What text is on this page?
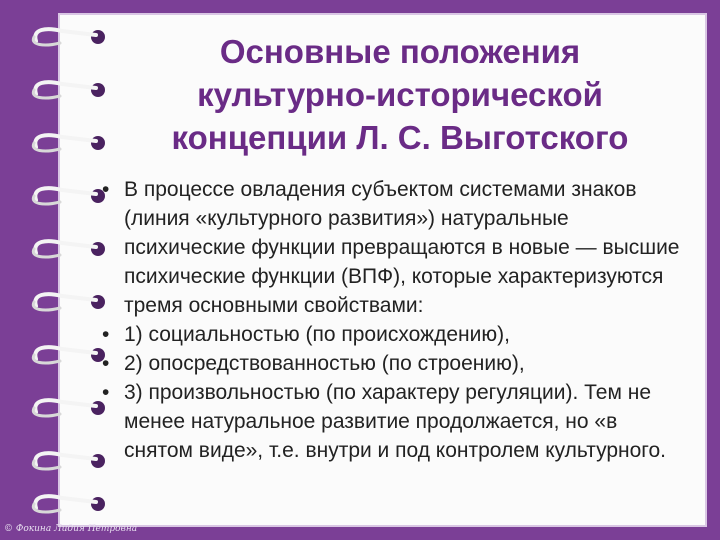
Основные положения культурно-исторической концепции Л. С. Выготского

• В процессе овладения субъектом системами знаков (линия «культурного развития») натуральные психические функции превращаются в новые — высшие психические функции (ВПФ), которые характеризуются тремя основными свойствами:

• 1) социальностью (по происхождению),

• 2) опосредствованностью (по строению),

• 3) произвольностью (по характеру регуляции). Тем не менее натуральное развитие продолжается, но «в снятом виде», т.е. внутри и под контролем культурного.

© Фокина Лидия Петровна
